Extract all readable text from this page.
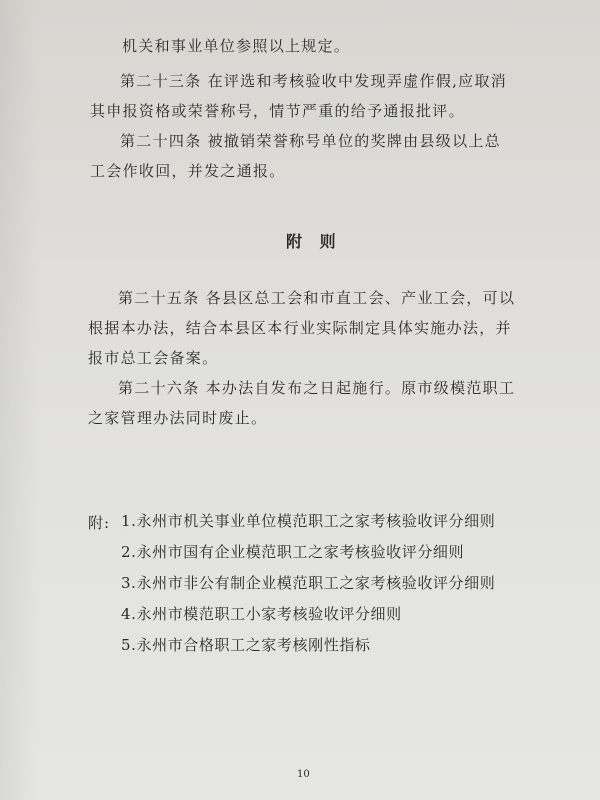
机关和事业单位参照以上规定。
第二十三条 在评选和考核验收中发现弄虚作假,应取消
其申报资格或荣誉称号，情节严重的给予通报批评。
第二十四条 被撤销荣誉称号单位的奖牌由县级以上总
工会作收回，并发之通报。
附 则
第二十五条 各县区总工会和市直工会、产业工会，可以
根据本办法，结合本县区本行业实际制定具体实施办法，并
报市总工会备案。
第二十六条 本办法自发布之日起施行。原市级模范职工
之家管理办法同时废止。
附: 1.永州市机关事业单位模范职工之家考核验收评分细则
2.永州市国有企业模范职工之家考核验收评分细则
3.永州市非公有制企业模范职工之家考核验收评分细则
4.永州市模范职工小家考核验收评分细则
5.永州市合格职工之家考核刚性指标
10
